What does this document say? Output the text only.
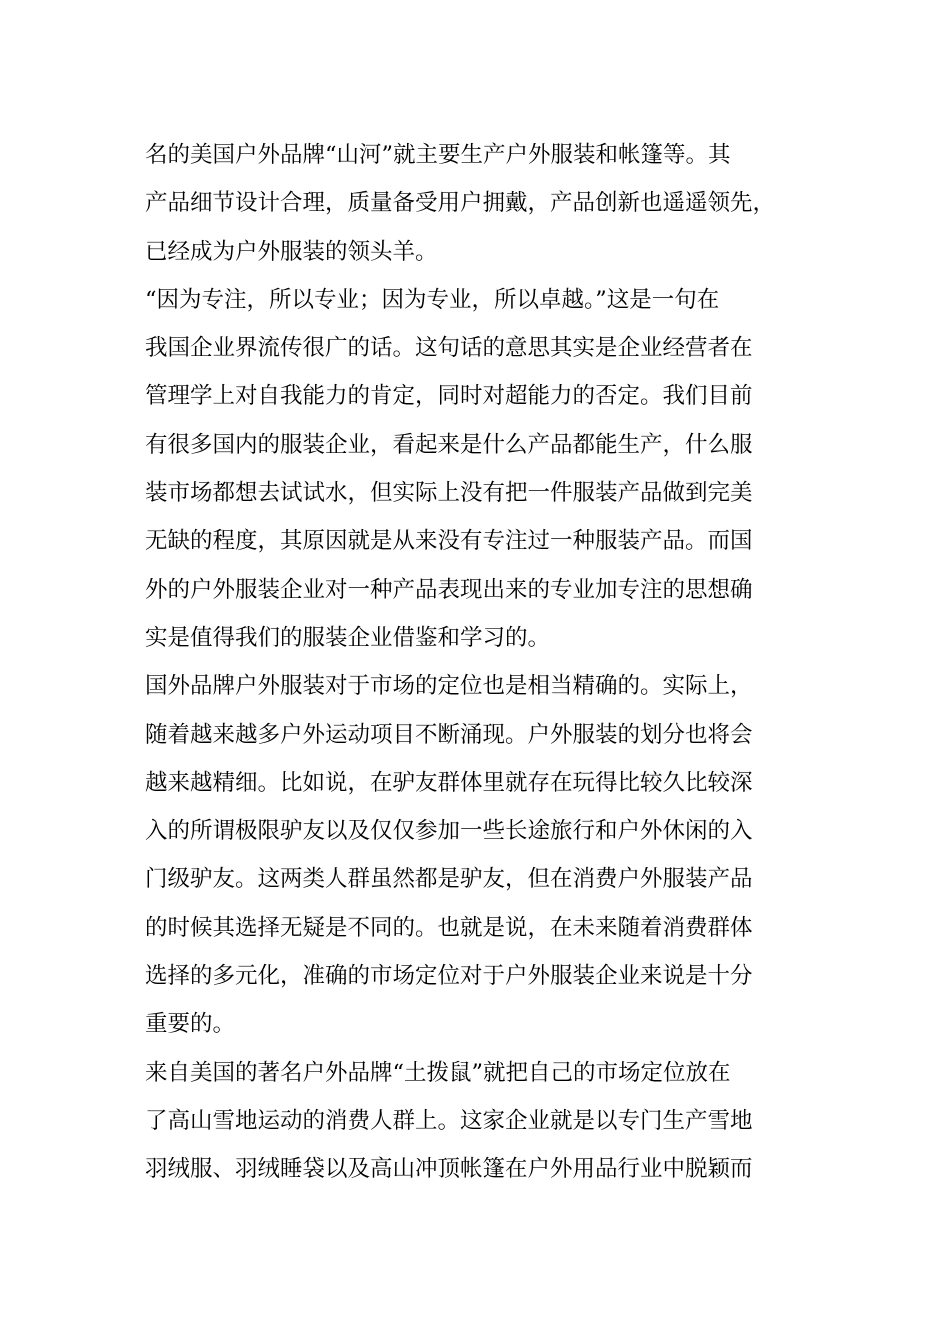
名的美国户外品牌“山河”就主要生产户外服装和帐篷等。其
产品细节设计合理，质量备受用户拥戴，产品创新也遥遥领先，
已经成为户外服装的领头羊。
“因为专注，所以专业；因为专业，所以卓越。”这是一句在
我国企业界流传很广的话。这句话的意思其实是企业经营者在
管理学上对自我能力的肯定，同时对超能力的否定。我们目前
有很多国内的服装企业，看起来是什么产品都能生产，什么服
装市场都想去试试水，但实际上没有把一件服装产品做到完美
无缺的程度，其原因就是从来没有专注过一种服装产品。而国
外的户外服装企业对一种产品表现出来的专业加专注的思想确
实是值得我们的服装企业借鉴和学习的。
国外品牌户外服装对于市场的定位也是相当精确的。实际上，
随着越来越多户外运动项目不断涌现。户外服装的划分也将会
越来越精细。比如说，在驴友群体里就存在玩得比较久比较深
入的所谓极限驴友以及仅仅参加一些长途旅行和户外休闲的入
门级驴友。这两类人群虽然都是驴友，但在消费户外服装产品
的时候其选择无疑是不同的。也就是说，在未来随着消费群体
选择的多元化，准确的市场定位对于户外服装企业来说是十分
重要的。
来自美国的著名户外品牌“土拨鼠”就把自己的市场定位放在
了高山雪地运动的消费人群上。这家企业就是以专门生产雪地
羽绒服、羽绒睡袋以及高山冲顶帐篷在户外用品行业中脱颖而
